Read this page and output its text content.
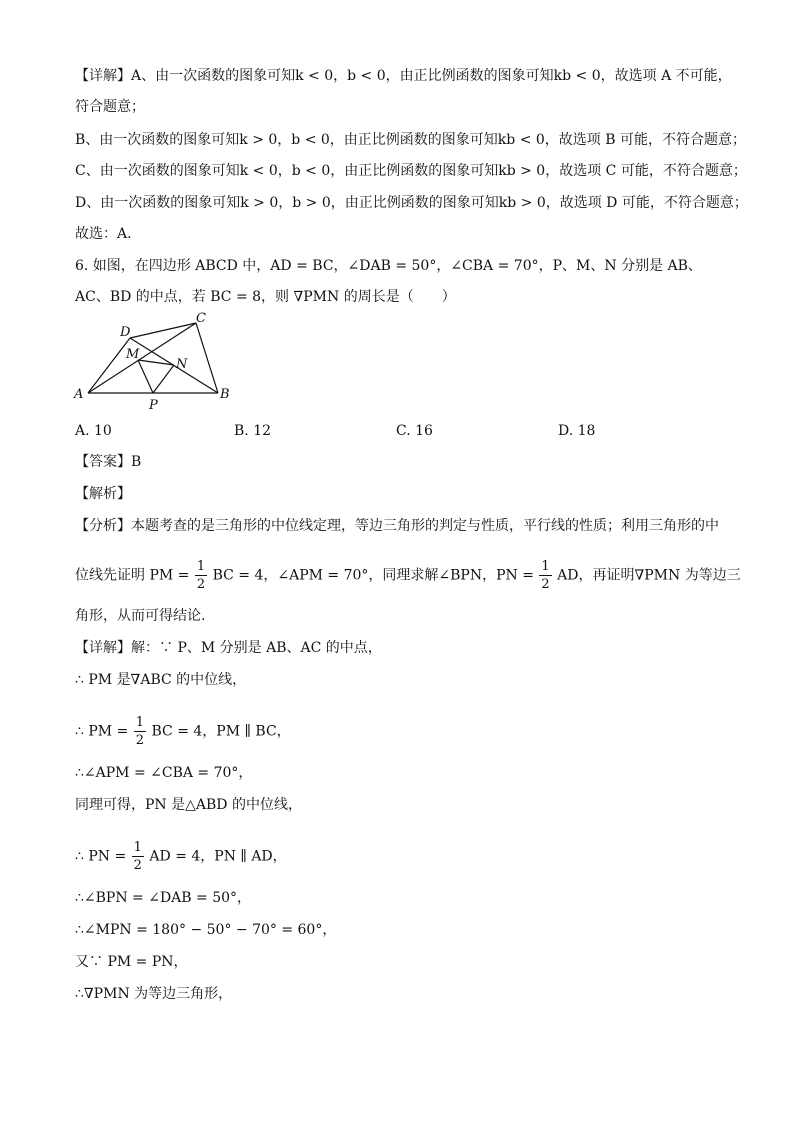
【详解】A、由一次函数的图象可知k < 0，b < 0，由正比例函数的图象可知kb < 0，故选项 A 不可能，
符合题意；
B、由一次函数的图象可知k > 0，b < 0，由正比例函数的图象可知kb < 0，故选项 B 可能，不符合题意；
C、由一次函数的图象可知k < 0，b < 0，由正比例函数的图象可知kb > 0，故选项 C 可能，不符合题意；
D、由一次函数的图象可知k > 0，b > 0，由正比例函数的图象可知kb > 0，故选项 D 可能，不符合题意；
故选：A.
6. 如图，在四边形 ABCD 中，AD = BC，∠DAB = 50°，∠CBA = 70°，P、M、N 分别是 AB、
AC、BD 的中点，若 BC = 8，则 ∇PMN 的周长是（　　）
A	B
C
D
M
N
P
A. 10	B. 12	C. 16	D. 18
【答案】B
【解析】
【分析】本题考查的是三角形的中位线定理，等边三角形的判定与性质，平行线的性质；利用三角形的中
位线先证明 PM = $\frac{1}{2}$ BC = 4，∠APM = 70°，同理求解∠BPN，PN = $\frac{1}{2}$ AD，再证明∇PMN 为等边三
角形，从而可得结论.
【详解】解：∵ P、M 分别是 AB、AC 的中点，
∴ PM 是∇ABC 的中位线，
∴ PM = $\frac{1}{2}$ BC = 4，PM ∥ BC，
∴∠APM = ∠CBA = 70°，
同理可得，PN 是△ABD 的中位线，
∴ PN = $\frac{1}{2}$ AD = 4，PN ∥ AD，
∴∠BPN = ∠DAB = 50°，
∴∠MPN = 180° − 50° − 70° = 60°，
又∵ PM = PN，
∴∇PMN 为等边三角形，
